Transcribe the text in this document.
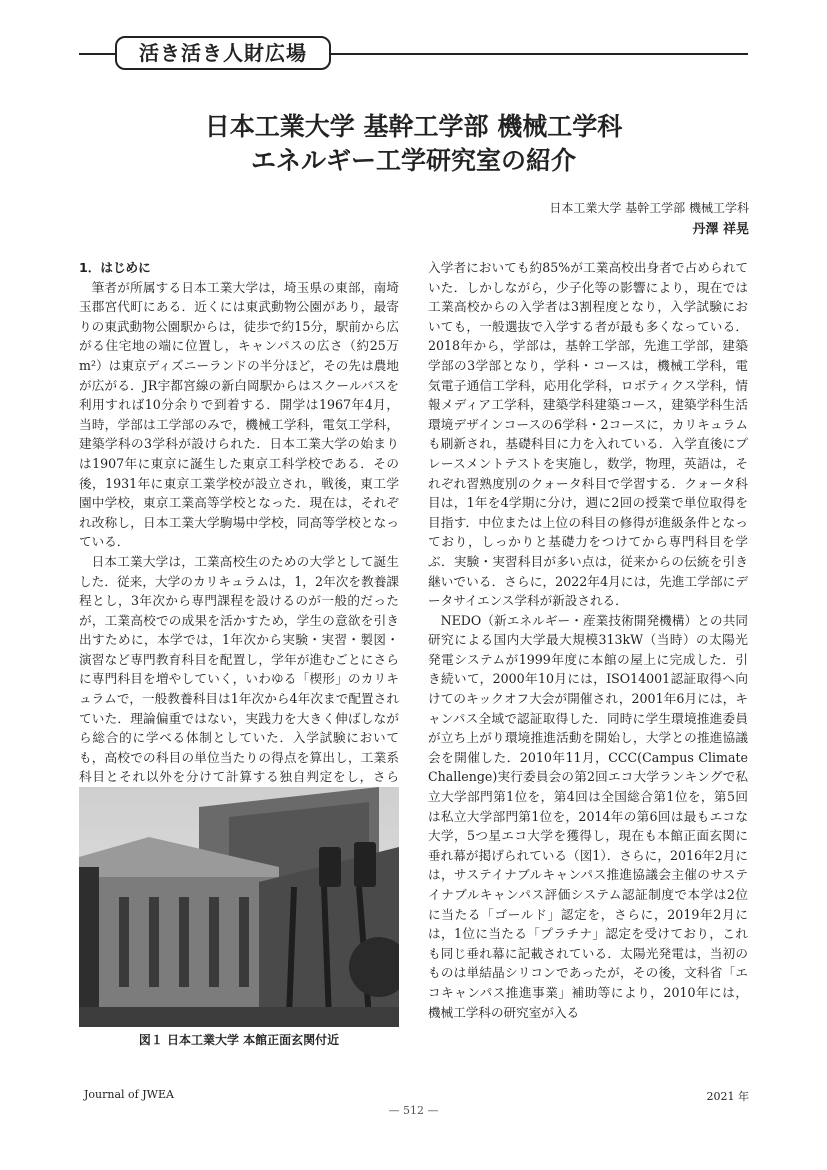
活き活き人財広場
日本工業大学 基幹工学部 機械工学科
エネルギー工学研究室の紹介
日本工業大学 基幹工学部 機械工学科
丹澤 祥晃

1．はじめに

筆者が所属する日本工業大学は，埼玉県の東部，南埼玉郡宮代町にある．近くには東武動物公園があり，最寄りの東武動物公園駅からは，徒歩で約15分，駅前から広がる住宅地の端に位置し，キャンパスの広さ（約25万m²）は東京ディズニーランドの半分ほど，その先は農地が広がる．JR宇都宮線の新白岡駅からはスクールバスを利用すれば10分余りで到着する．開学は1967年4月，当時，学部は工学部のみで，機械工学科，電気工学科，建築学科の3学科が設けられた．日本工業大学の始まりは1907年に東京に誕生した東京工科学校である．その後，1931年に東京工業学校が設立され，戦後，東工学園中学校，東京工業高等学校となった．現在は，それぞれ改称し，日本工業大学駒場中学校，同高等学校となっている．

日本工業大学は，工業高校生のための大学として誕生した．従来，大学のカリキュラムは，1，2年次を教養課程とし，3年次から専門課程を設けるのが一般的だったが，工業高校での成果を活かすため，学生の意欲を引き出すために，本学では，1年次から実験・実習・製図・演習など専門教育科目を配置し，学年が進むごとにさらに専門科目を増やしていく，いわゆる「楔形」のカリキュラムで，一般教養科目は1年次から4年次まで配置されていた．理論偏重ではない，実践力を大きく伸ばしながら総合的に学べる体制としていた．入学試験においても，高校での科目の単位当たりの得点を算出し，工業系科目とそれ以外を分けて計算する独自判定をし，さら

図１ 日本工業大学 本館正面玄関付近

入学者においても約85%が工業高校出身者で占められていた．しかしながら，少子化等の影響により，現在では工業高校からの入学者は3割程度となり，入学試験においても，一般選抜で入学する者が最も多くなっている．2018年から，学部は，基幹工学部，先進工学部，建築学部の3学部となり，学科・コースは，機械工学科，電気電子通信工学科，応用化学科，ロボティクス学科，情報メディア工学科，建築学科建築コース，建築学科生活環境デザインコースの6学科・2コースに，カリキュラムも刷新され，基礎科目に力を入れている．入学直後にプレースメントテストを実施し，数学，物理，英語は，それぞれ習熟度別のクォータ科目で学習する．クォータ科目は，1年を4学期に分け，週に2回の授業で単位取得を目指す．中位または上位の科目の修得が進級条件となっており，しっかりと基礎力をつけてから専門科目を学ぶ．実験・実習科目が多い点は，従来からの伝統を引き継いでいる．さらに，2022年4月には，先進工学部にデータサイエンス学科が新設される．

NEDO（新エネルギー・産業技術開発機構）との共同研究による国内大学最大規模313kW（当時）の太陽光発電システムが1999年度に本館の屋上に完成した．引き続いて，2000年10月には，ISO14001認証取得へ向けてのキックオフ大会が開催され，2001年6月には，キャンパス全域で認証取得した．同時に学生環境推進委員が立ち上がり環境推進活動を開始し，大学との推進協議会を開催した．2010年11月，CCC(Campus Climate Challenge)実行委員会の第2回エコ大学ランキングで私立大学部門第1位を，第4回は全国総合第1位を，第5回は私立大学部門第1位を，2014年の第6回は最もエコな大学，5つ星エコ大学を獲得し，現在も本館正面玄関に垂れ幕が掲げられている（図1）．さらに，2016年2月には，サステイナブルキャンパス推進協議会主催のサステイナブルキャンパス評価システム認証制度で本学は2位に当たる「ゴールド」認定を，さらに，2019年2月には，1位に当たる「プラチナ」認定を受けており，これも同じ垂れ幕に記載されている．太陽光発電は，当初のものは単結晶シリコンであったが，その後，文科省「エコキャンパス推進事業」補助等により，2010年には，機械工学科の研究室が入る

Journal of JWEA	2021 年
— 512 —
